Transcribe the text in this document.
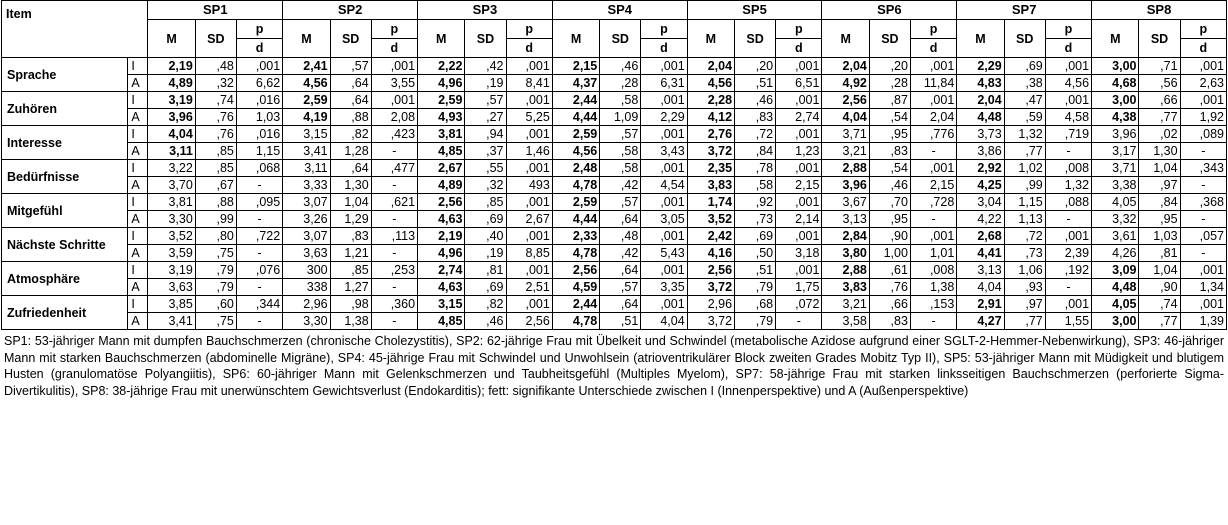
Item		SP1			SP2			SP3			SP4			SP5			SP6			SP7			SP8		
		M	SD	p	M	SD	p	M	SD	p	M	SD	p	M	SD	p	M	SD	p	M	SD	p	M	SD	p
				d			d			d			d			d			d			d			d
Sprache	I	2,19	,48	,001	2,41	,57	,001	2,22	,42	,001	2,15	,46	,001	2,04	,20	,001	2,04	,20	,001	2,29	,69	,001	3,00	,71	,001
	A	4,89	,32	6,62	4,56	,64	3,55	4,96	,19	8,41	4,37	,28	6,31	4,56	,51	6,51	4,92	,28	11,84	4,83	,38	4,56	4,68	,56	2,63
Zuhören	I	3,19	,74	,016	2,59	,64	,001	2,59	,57	,001	2,44	,58	,001	2,28	,46	,001	2,56	,87	,001	2,04	,47	,001	3,00	,66	,001
	A	3,96	,76	1,03	4,19	,88	2,08	4,93	,27	5,25	4,44	1,09	2,29	4,12	,83	2,74	4,04	,54	2,04	4,48	,59	4,58	4,38	,77	1,92
Interesse	I	4,04	,76	,016	3,15	,82	,423	3,81	,94	,001	2,59	,57	,001	2,76	,72	,001	3,71	,95	,776	3,73	1,32	,719	3,96	,02	,089
	A	3,11	,85	1,15	3,41	1,28	-	4,85	,37	1,46	4,56	,58	3,43	3,72	,84	1,23	3,21	,83	-	3,86	,77	-	3,17	1,30	-
Bedürfnisse	I	3,22	,85	,068	3,11	,64	,477	2,67	,55	,001	2,48	,58	,001	2,35	,78	,001	2,88	,54	,001	2,92	1,02	,008	3,71	1,04	,343
	A	3,70	,67	-	3,33	1,30	-	4,89	,32	493	4,78	,42	4,54	3,83	,58	2,15	3,96	,46	2,15	4,25	,99	1,32	3,38	,97	-
Mitgefühl	I	3,81	,88	,095	3,07	1,04	,621	2,56	,85	,001	2,59	,57	,001	1,74	,92	,001	3,67	,70	,728	3,04	1,15	,088	4,05	,84	,368
	A	3,30	,99	-	3,26	1,29	-	4,63	,69	2,67	4,44	,64	3,05	3,52	,73	2,14	3,13	,95	-	4,22	1,13	-	3,32	,95	-
Nächste Schritte	I	3,52	,80	,722	3,07	,83	,113	2,19	,40	,001	2,33	,48	,001	2,42	,69	,001	2,84	,90	,001	2,68	,72	,001	3,61	1,03	,057
	A	3,59	,75	-	3,63	1,21	-	4,96	,19	8,85	4,78	,42	5,43	4,16	,50	3,18	3,80	1,00	1,01	4,41	,73	2,39	4,26	,81	-
Atmosphäre	I	3,19	,79	,076	300	,85	,253	2,74	,81	,001	2,56	,64	,001	2,56	,51	,001	2,88	,61	,008	3,13	1,06	,192	3,09	1,04	,001
	A	3,63	,79	-	338	1,27	-	4,63	,69	2,51	4,59	,57	3,35	3,72	,79	1,75	3,83	,76	1,38	4,04	,93	-	4,48	,90	1,34
Zufriedenheit	I	3,85	,60	,344	2,96	,98	,360	3,15	,82	,001	2,44	,64	,001	2,96	,68	,072	3,21	,66	,153	2,91	,97	,001	4,05	,74	,001
	A	3,41	,75	-	3,30	1,38	-	4,85	,46	2,56	4,78	,51	4,04	3,72	,79	-	3,58	,83	-	4,27	,77	1,55	3,00	,77	1,39
SP1: 53-jähriger Mann mit dumpfen Bauchschmerzen (chronische Cholezystitis), SP2: 62-jährige Frau mit Übelkeit und Schwindel (metabolische Azidose aufgrund einer SGLT-2-Hemmer-Nebenwirkung), SP3: 46-jähriger Mann mit starken Bauchschmerzen (abdominelle Migräne), SP4: 45-jährige Frau mit Schwindel und Unwohlsein (atrioventrikulärer Block zweiten Grades Mobitz Typ II), SP5: 53-jähriger Mann mit Müdigkeit und blutigem Husten (granulomatöse Polyangiitis), SP6: 60-jähriger Mann mit Gelenkschmerzen und Taubheitsgefühl (Multiples Myelom), SP7: 58-jährige Frau mit starken linksseitigen Bauchschmerzen (perforierte Sigma-Divertikulitis), SP8: 38-jährige Frau mit unerwünschtem Gewichtsverlust (Endokarditis); fett: signifikante Unterschiede zwischen I (Innenperspektive) und A (Außenperspektive)
